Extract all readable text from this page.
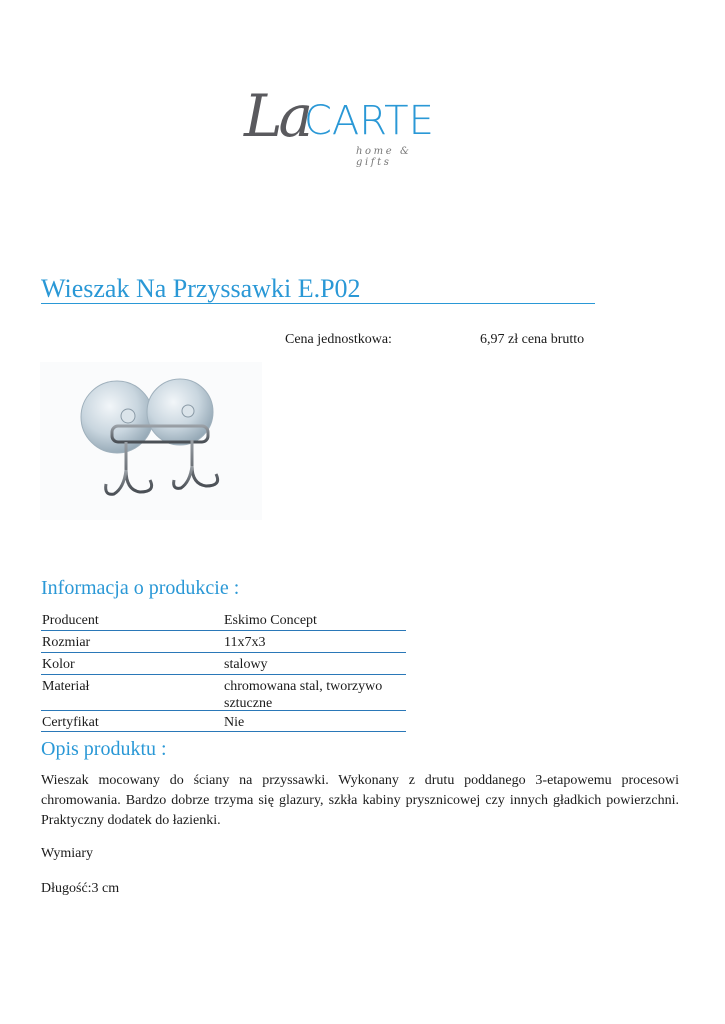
La
CARTE
home & gifts
Wieszak Na Przyssawki E.P02
Cena jednostkowa:	6,97 zł cena brutto
Informacja o produkcie :
Producent	Eskimo Concept
Rozmiar	11x7x3
Kolor	stalowy
Materiał	chromowana stal, tworzywo sztuczne
Certyfikat	Nie
Opis produktu :
Wieszak mocowany do ściany na przyssawki. Wykonany z drutu poddanego 3-etapowemu procesowi chromowania. Bardzo dobrze trzyma się glazury, szkła kabiny prysznicowej czy innych gładkich powierzchni. Praktyczny dodatek do łazienki.
Wymiary
Długość:3 cm
